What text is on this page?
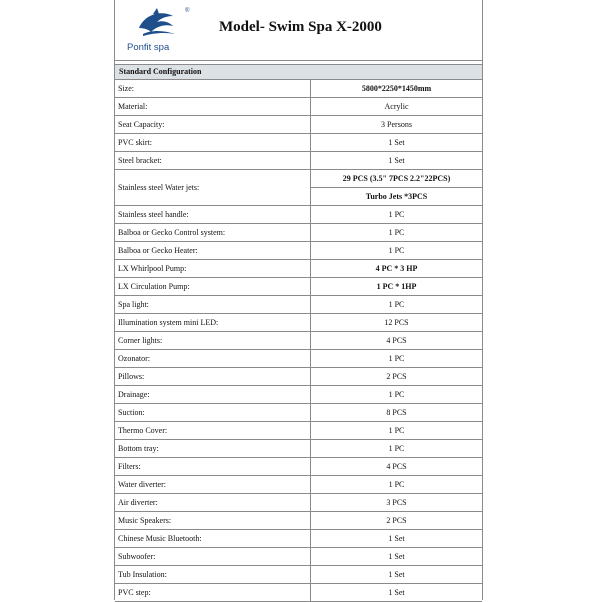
®
Ponfit spa
Model- Swim Spa X-2000
Standard Configuration
Size:	5800*2250*1450mm
Material:	Acrylic
Seat Capacity:	3 Persons
PVC skirt:	1 Set
Steel bracket:	1 Set
Stainless steel Water jets:	29 PCS (3.5" 7PCS 2.2"22PCS)
	Turbo Jets *3PCS
Stainless steel handle:	1 PC
Balboa or Gecko Control system:	1 PC
Balboa or Gecko Heater:	1 PC
LX Whirlpool Pump:	4 PC * 3 HP
LX Circulation Pump:	1 PC * 1HP
Spa light:	1 PC
Illumination system mini LED:	12 PCS
Corner lights:	4 PCS
Ozonator:	1 PC
Pillows:	2 PCS
Drainage:	1 PC
Suction:	8 PCS
Thermo Cover:	1 PC
Bottom tray:	1 PC
Filters:	4 PCS
Water diverter:	1 PC
Air diverter:	3 PCS
Music Speakers:	2 PCS
Chinese Music Bluetooth:	1 Set
Subwoofer:	1 Set
Tub Insulation:	1 Set
PVC step:	1 Set
